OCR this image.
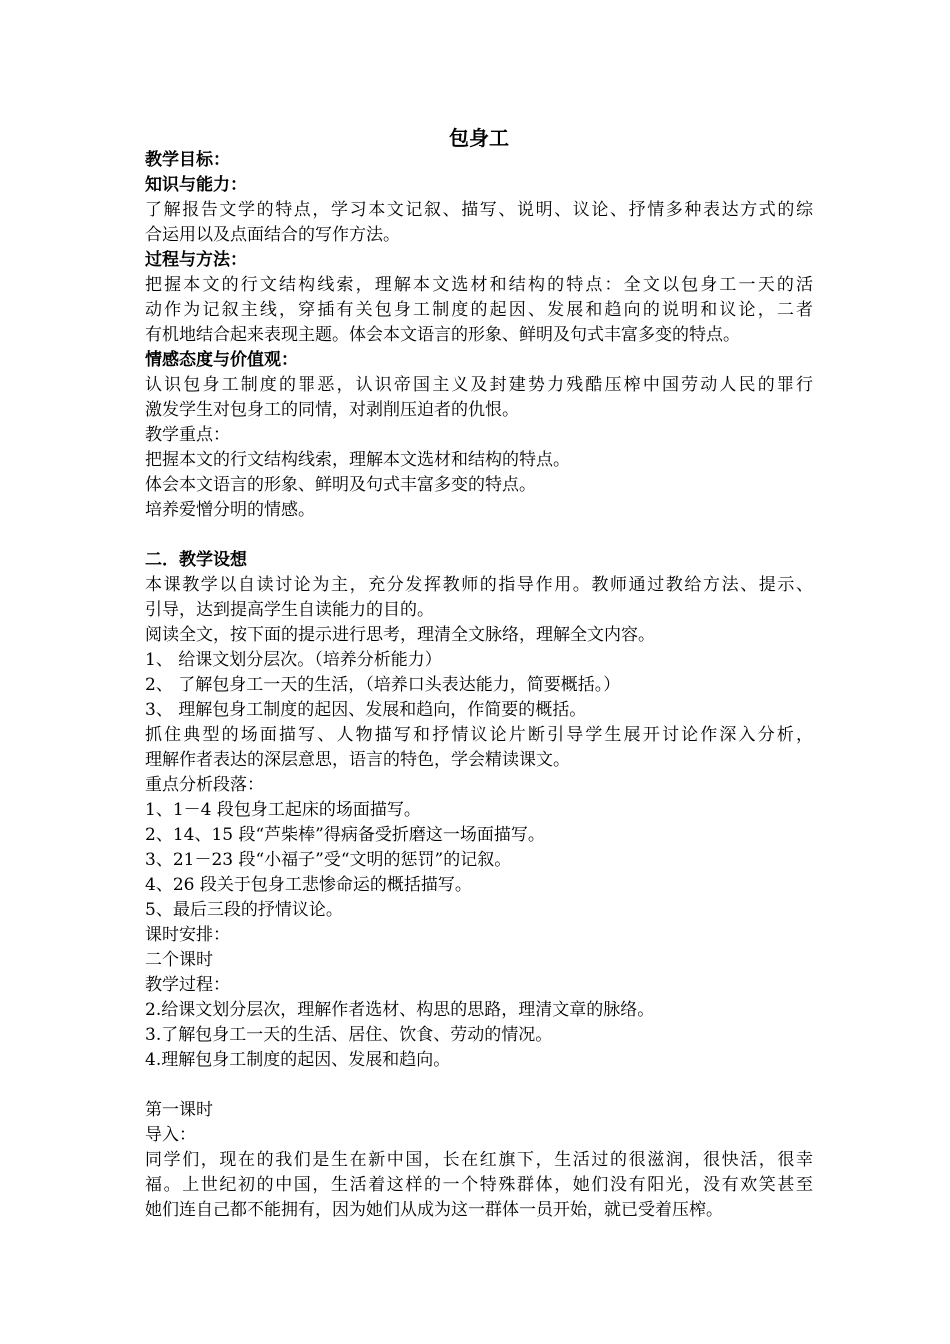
包身工

教学目标：

知识与能力：

了解报告文学的特点，学习本文记叙、描写、说明、议论、抒情多种表达方式的综

合运用以及点面结合的写作方法。

过程与方法：

把握本文的行文结构线索，理解本文选材和结构的特点：全文以包身工一天的活

动作为记叙主线，穿插有关包身工制度的起因、发展和趋向的说明和议论，二者

有机地结合起来表现主题。体会本文语言的形象、鲜明及句式丰富多变的特点。

情感态度与价值观：

认识包身工制度的罪恶，认识帝国主义及封建势力残酷压榨中国劳动人民的罪行

激发学生对包身工的同情，对剥削压迫者的仇恨。

教学重点：

把握本文的行文结构线索，理解本文选材和结构的特点。

体会本文语言的形象、鲜明及句式丰富多变的特点。

培养爱憎分明的情感。

二．教学设想

本课教学以自读讨论为主，充分发挥教师的指导作用。教师通过教给方法、提示、

引导，达到提高学生自读能力的目的。

阅读全文，按下面的提示进行思考，理清全文脉络，理解全文内容。

1、 给课文划分层次。（培养分析能力）

2、 了解包身工一天的生活，（培养口头表达能力，简要概括。）

3、 理解包身工制度的起因、发展和趋向，作简要的概括。

抓住典型的场面描写、人物描写和抒情议论片断引导学生展开讨论作深入分析，

理解作者表达的深层意思，语言的特色，学会精读课文。

重点分析段落：

1、1－4 段包身工起床的场面描写。

2、14、15 段“芦柴棒”得病备受折磨这一场面描写。

3、21－23 段“小福子”受“文明的惩罚”的记叙。

4、26 段关于包身工悲惨命运的概括描写。

5、最后三段的抒情议论。

课时安排：

二个课时

教学过程：

2.给课文划分层次，理解作者选材、构思的思路，理清文章的脉络。

3.了解包身工一天的生活、居住、饮食、劳动的情况。

4.理解包身工制度的起因、发展和趋向。

第一课时

导入：

同学们，现在的我们是生在新中国，长在红旗下，生活过的很滋润，很快活，很幸

福。上世纪初的中国，生活着这样的一个特殊群体，她们没有阳光，没有欢笑甚至

她们连自己都不能拥有，因为她们从成为这一群体一员开始，就已受着压榨。
